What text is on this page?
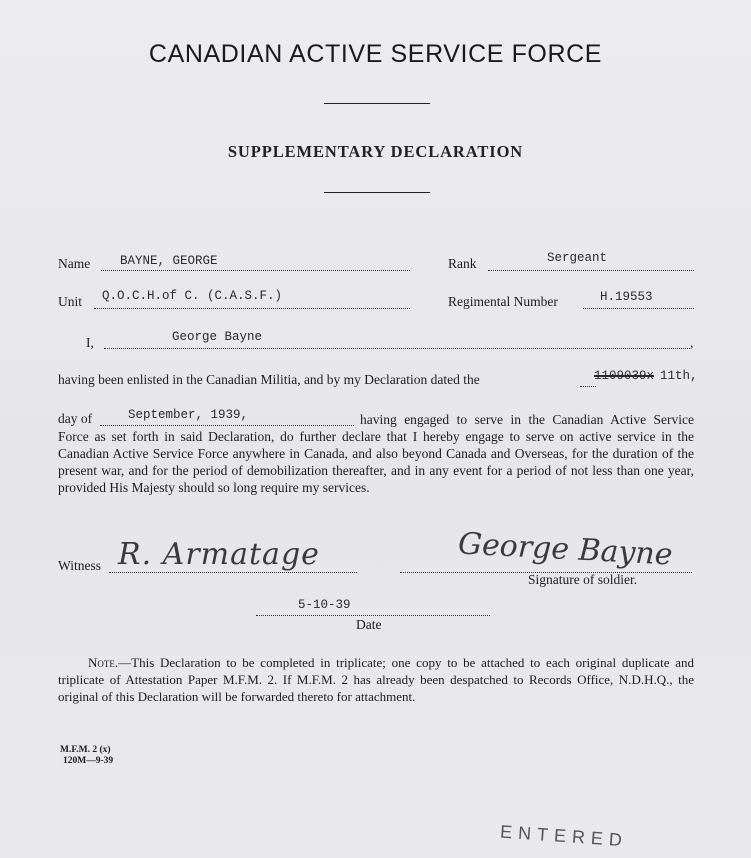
CANADIAN ACTIVE SERVICE FORCE
SUPPLEMENTARY DECLARATION
Name BAYNE, GEORGE	Rank	Sergeant
Unit Q.O.C.H.of C. (C.A.S.F.)	Regimental Number	H.19553
I,	George Bayne	,
having been enlisted in the Canadian Militia, and by my Declaration dated the	1109039x 11th,
day of	September, 1939,	having engaged to serve in the Canadian Active Service Force as set forth in said Declaration, do further declare that I hereby engage to serve on active service in the Canadian Active Service Force anywhere in Canada, and also beyond Canada and Overseas, for the duration of the present war, and for the period of demobilization thereafter, and in any event for a period of not less than one year, provided His Majesty should so long require my services.
Witness R. Armatage	George Bayne
Signature of soldier.
5-10-39
Date
Note.—This Declaration to be completed in triplicate; one copy to be attached to each original duplicate and triplicate of Attestation Paper M.F.M. 2. If M.F.M. 2 has already been despatched to Records Office, N.D.H.Q., the original of this Declaration will be forwarded thereto for attachment.
M.F.M. 2 (x)
120M—9-39
ENTERED
